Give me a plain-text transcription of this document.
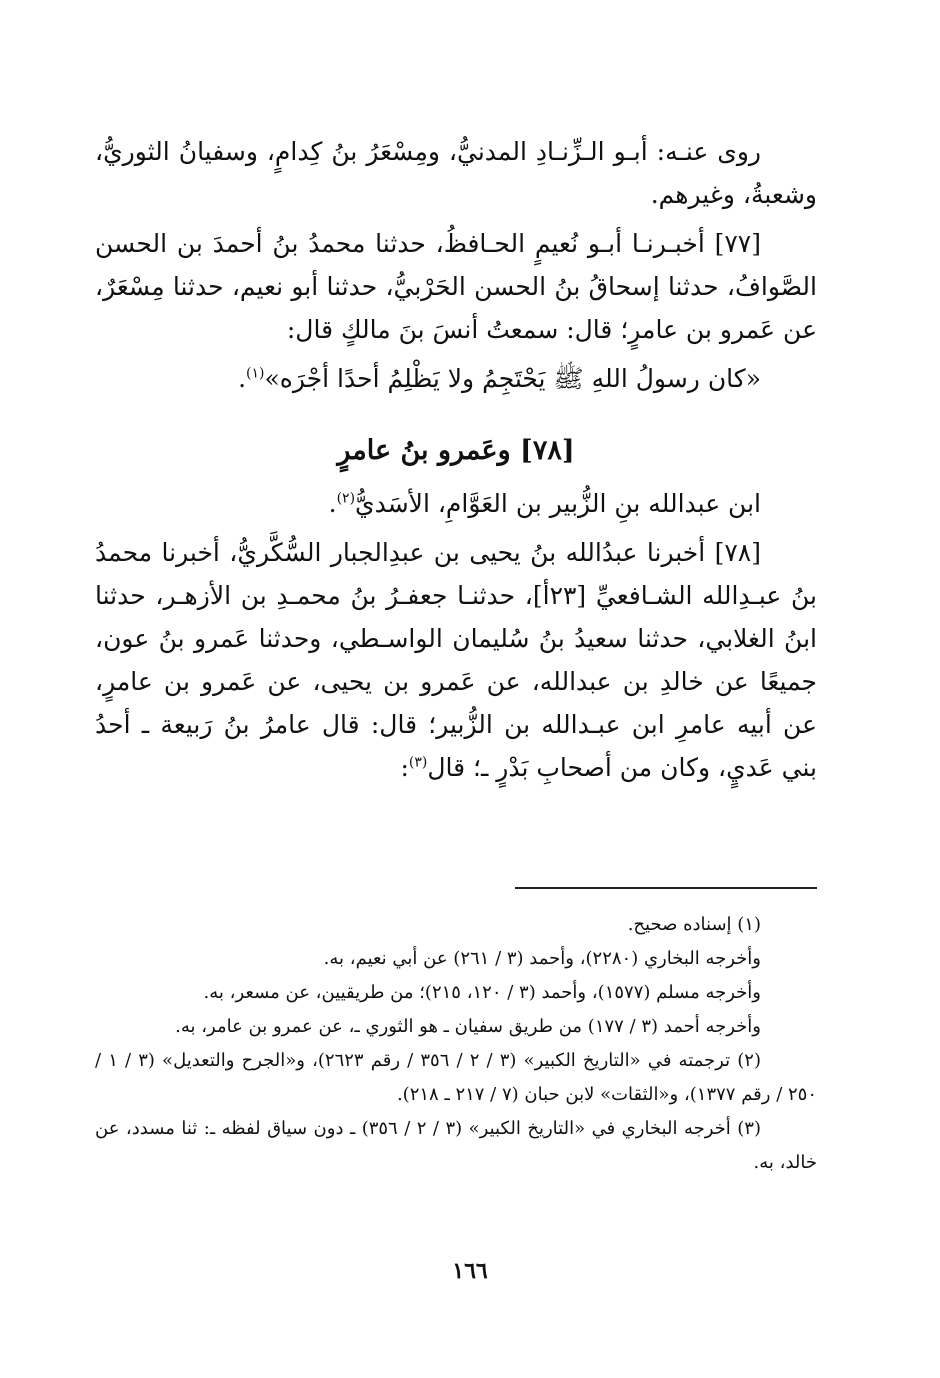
روى عنـه: أبـو الـزِّنـادِ المدنيُّ، ومِسْعَرُ بنُ كِدامٍ، وسفيانُ الثوريُّ، وشعبةُ، وغيرهم.

[٧٧] أخبـرنـا أبـو نُعيمٍ الحـافظُ، حدثنا محمدُ بنُ أحمدَ بن الحسن الصَّوافُ، حدثنا إسحاقُ بنُ الحسن الحَرْبيُّ، حدثنا أبو نعيم، حدثنا مِسْعَرٌ، عن عَمرو بن عامرٍ؛ قال: سمعتُ أنسَ بنَ مالكٍ قال:

«كان رسولُ اللهِ ﷺ يَحْتَجِمُ ولا يَظْلِمُ أحدًا أجْرَه»$^{(١)}$.

[٧٨] وعَمرو بنُ عامرٍ

ابن عبدالله بنِ الزُّبير بن العَوَّامِ، الأسَديُّ$^{(٢)}$.

[٧٨] أخبرنا عبدُالله بنُ يحيى بن عبدِالجبار السُّكَّريُّ، أخبرنا محمدُ بنُ عبـدِالله الشـافعيِّ [٢٣أ]، حدثنـا جعفـرُ بنُ محمـدِ بن الأزهـر، حدثنا ابنُ الغلابي، حدثنا سعيدُ بنُ سُليمان الواسـطي، وحدثنا عَمرو بنُ عون، جميعًا عن خالدِ بن عبدالله، عن عَمرو بن يحيى، عن عَمرو بن عامرٍ، عن أبيه عامرِ ابن عبـدالله بن الزُّبير؛ قال: قال عامرُ بنُ رَبيعة ـ أحدُ بني عَديٍ، وكان من أصحابِ بَدْرٍ ـ؛ قال$^{(٣)}$:

(١) إسناده صحيح.

وأخرجه البخاري (٢٢٨٠)، وأحمد (٣ / ٢٦١) عن أبي نعيم، به.

وأخرجه مسلم (١٥٧٧)، وأحمد (٣ / ١٢٠، ٢١٥)؛ من طريقيين، عن مسعر، به.

وأخرجه أحمد (٣ / ١٧٧) من طريق سفيان ـ هو الثوري ـ، عن عمرو بن عامر، به.

(٢) ترجمته في «التاريخ الكبير» (٣ / ٢ / ٣٥٦ / رقم ٢٦٢٣)، و«الجرح والتعديل» (٣ / ١ / ٢٥٠ / رقم ١٣٧٧)، و«الثقات» لابن حبان (٧ / ٢١٧ ـ ٢١٨).

(٣) أخرجه البخاري في «التاريخ الكبير» (٣ / ٢ / ٣٥٦) ـ دون سياق لفظه ـ: ثنا مسدد، عن خالد، به.

١٦٦
